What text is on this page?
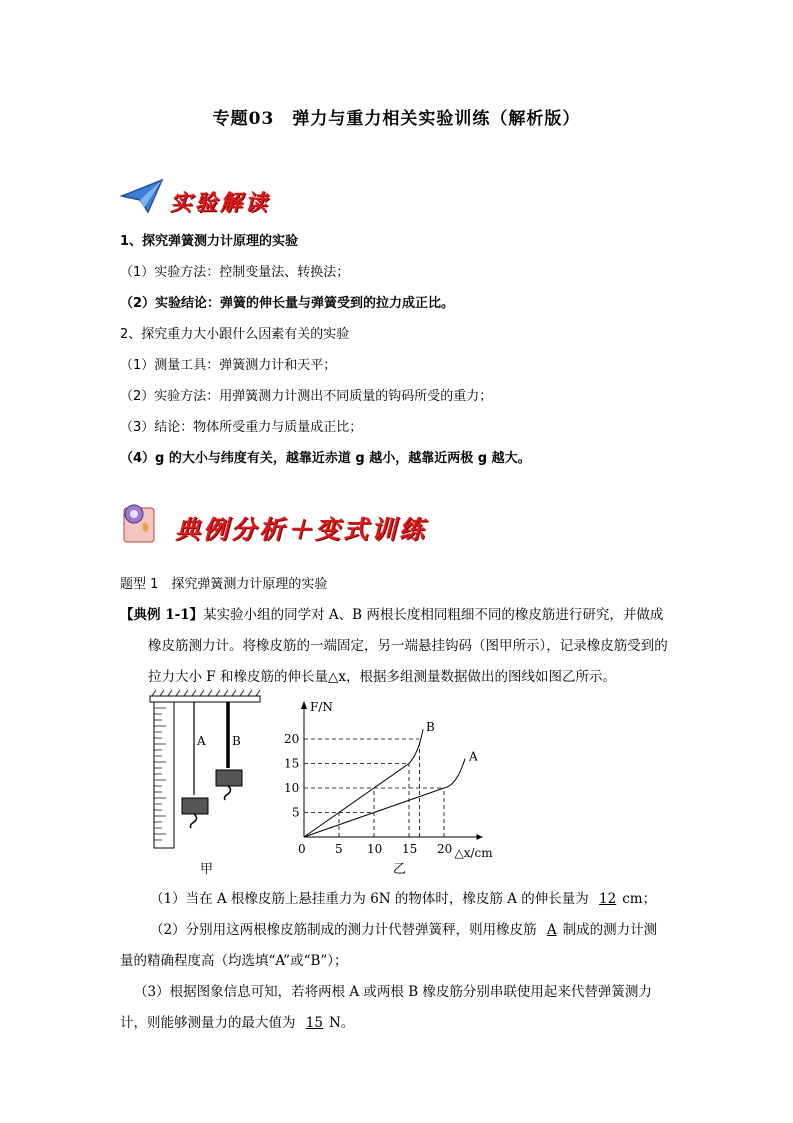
专题03　弹力与重力相关实验训练（解析版）
实验解读
1、探究弹簧测力计原理的实验
（1）实验方法：控制变量法、转换法；
（2）实验结论：弹簧的伸长量与弹簧受到的拉力成正比。
2、探究重力大小跟什么因素有关的实验
（1）测量工具：弹簧测力计和天平；
（2）实验方法：用弹簧测力计测出不同质量的钩码所受的重力；
（3）结论：物体所受重力与质量成正比；
（4）g 的大小与纬度有关，越靠近赤道 g 越小，越靠近两极 g 越大。
典例分析＋变式训练
题型 1　探究弹簧测力计原理的实验
【典例 1-1】某实验小组的同学对 A、B 两根长度相同粗细不同的橡皮筋进行研究，并做成
橡皮筋测力计。将橡皮筋的一端固定，另一端悬挂钩码（图甲所示），记录橡皮筋受到的
拉力大小 F 和橡皮筋的伸长量△x，根据多组测量数据做出的图线如图乙所示。
A B
甲
F/N
△x/cm
0 5 10 15 20
5
10
15
20
A
B
乙
（1）当在 A 根橡皮筋上悬挂重力为 6N 的物体时，橡皮筋 A 的伸长量为 12 cm；
（2）分别用这两根橡皮筋制成的测力计代替弹簧秤，则用橡皮筋 A 制成的测力计测
量的精确程度高（均选填“A”或“B”）；
（3）根据图象信息可知，若将两根 A 或两根 B 橡皮筋分别串联使用起来代替弹簧测力
计，则能够测量力的最大值为 15 N。
